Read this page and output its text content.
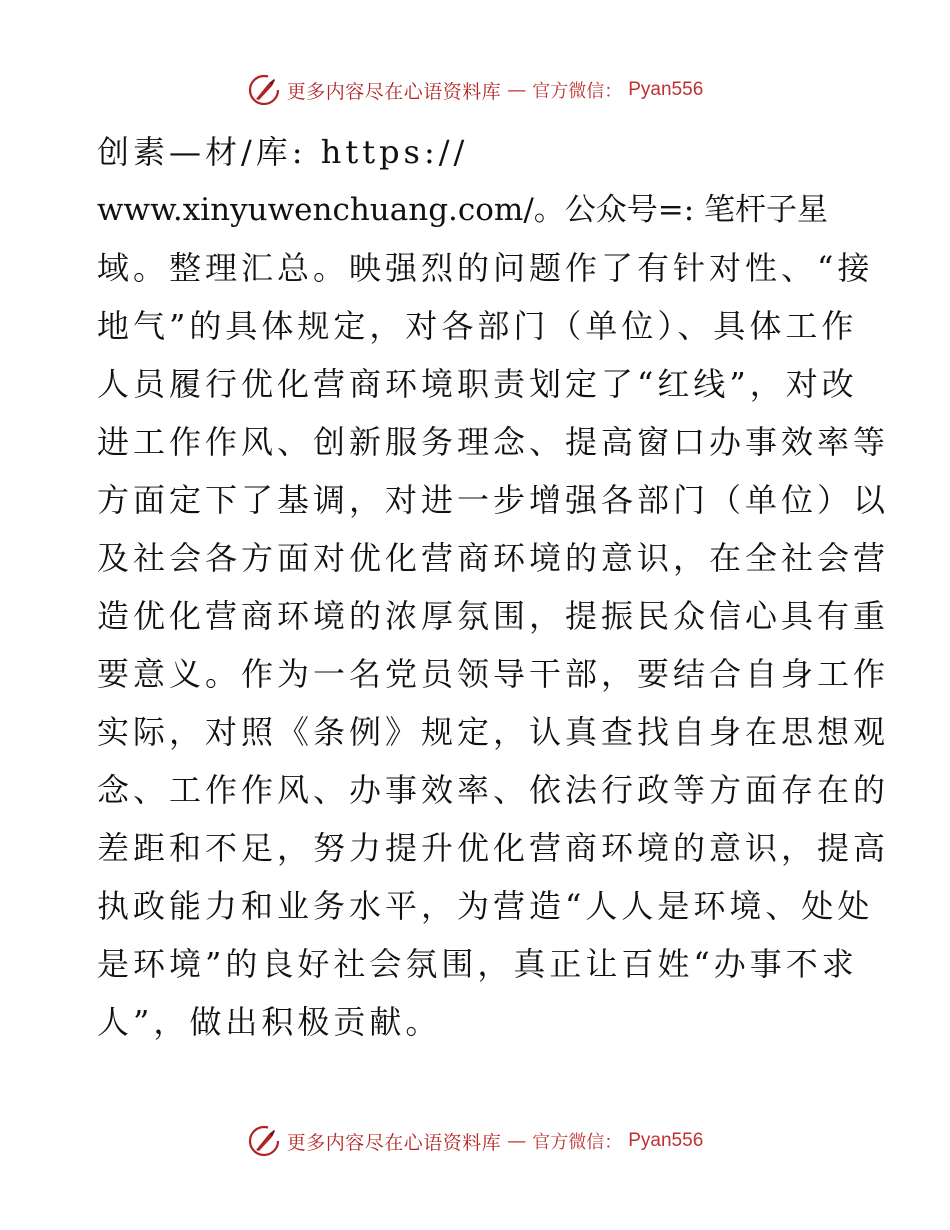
更多内容尽在心语资料库 — 官方微信： Pyan556
创素—材/库: https://
www.xinyuwenchuang.com/。公众号=: 笔杆子星
域。整理汇总。映强烈的问题作了有针对性、“接
地气”的具体规定，对各部门（单位）、具体工作
人员履行优化营商环境职责划定了“红线”，对改
进工作作风、创新服务理念、提高窗口办事效率等
方面定下了基调，对进一步增强各部门（单位）以
及社会各方面对优化营商环境的意识，在全社会营
造优化营商环境的浓厚氛围，提振民众信心具有重
要意义。作为一名党员领导干部，要结合自身工作
实际，对照《条例》规定，认真查找自身在思想观
念、工作作风、办事效率、依法行政等方面存在的
差距和不足，努力提升优化营商环境的意识，提高
执政能力和业务水平，为营造“人人是环境、处处
是环境”的良好社会氛围，真正让百姓“办事不求
人”，做出积极贡献。
更多内容尽在心语资料库 — 官方微信： Pyan556
